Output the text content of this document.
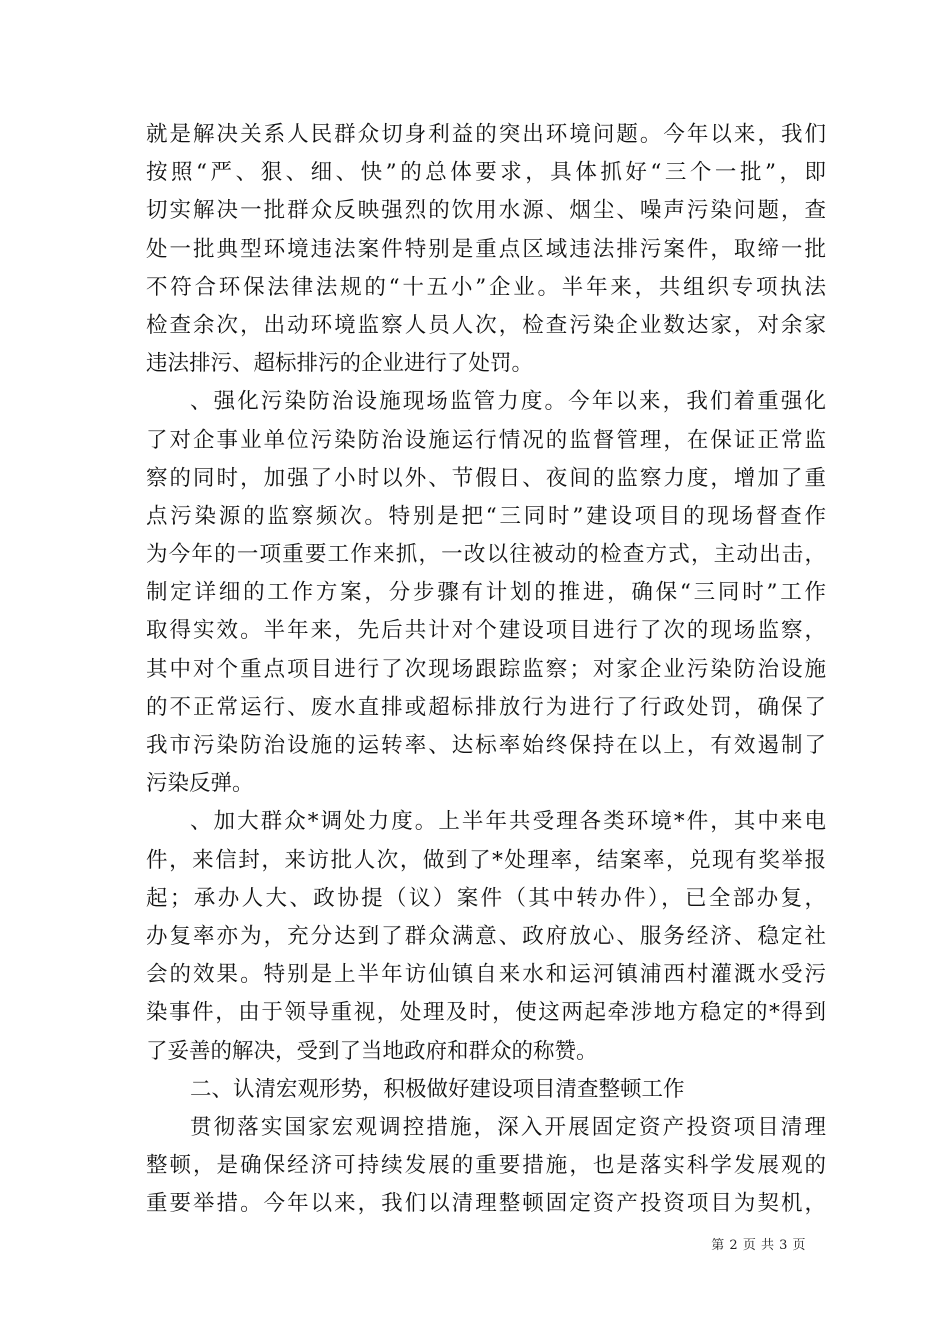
就是解决关系人民群众切身利益的突出环境问题。今年以来，我们
按照“严、狠、细、快”的总体要求，具体抓好“三个一批”，即
切实解决一批群众反映强烈的饮用水源、烟尘、噪声污染问题，查
处一批典型环境违法案件特别是重点区域违法排污案件，取缔一批
不符合环保法律法规的“十五小”企业。半年来，共组织专项执法
检查余次，出动环境监察人员人次，检查污染企业数达家，对余家
违法排污、超标排污的企业进行了处罚。
、强化污染防治设施现场监管力度。今年以来，我们着重强化
了对企事业单位污染防治设施运行情况的监督管理，在保证正常监
察的同时，加强了小时以外、节假日、夜间的监察力度，增加了重
点污染源的监察频次。特别是把“三同时”建设项目的现场督查作
为今年的一项重要工作来抓，一改以往被动的检查方式，主动出击，
制定详细的工作方案，分步骤有计划的推进，确保“三同时”工作
取得实效。半年来，先后共计对个建设项目进行了次的现场监察，
其中对个重点项目进行了次现场跟踪监察；对家企业污染防治设施
的不正常运行、废水直排或超标排放行为进行了行政处罚，确保了
我市污染防治设施的运转率、达标率始终保持在以上，有效遏制了
污染反弹。
、加大群众*调处力度。上半年共受理各类环境*件，其中来电
件，来信封，来访批人次，做到了*处理率，结案率，兑现有奖举报
起；承办人大、政协提（议）案件（其中转办件），已全部办复，
办复率亦为，充分达到了群众满意、政府放心、服务经济、稳定社
会的效果。特别是上半年访仙镇自来水和运河镇浦西村灌溉水受污
染事件，由于领导重视，处理及时，使这两起牵涉地方稳定的*得到
了妥善的解决，受到了当地政府和群众的称赞。
二、认清宏观形势，积极做好建设项目清查整顿工作
贯彻落实国家宏观调控措施，深入开展固定资产投资项目清理
整顿，是确保经济可持续发展的重要措施，也是落实科学发展观的
重要举措。今年以来，我们以清理整顿固定资产投资项目为契机，
第 2 页 共 3 页
